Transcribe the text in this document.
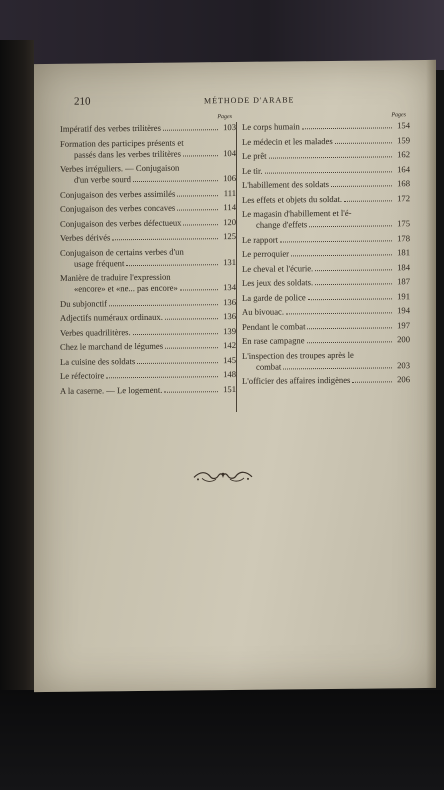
210	MÉTHODE D'ARABE
Pages
Impératif des verbes trilitères	103
Formation des participes présents et
passés dans les verbes trilitères	104
Verbes irréguliers. — Conjugaison
d'un verbe sourd	106
Conjugaison des verbes assimilés	111
Conjugaison des verbes concaves	114
Conjugaison des verbes défectueux	120
Verbes dérivés	125
Conjugaison de certains verbes d'un
usage fréquent	131
Manière de traduire l'expression
«encore» et «ne... pas encore»	134
Du subjonctif	136
Adjectifs numéraux ordinaux.	136
Verbes quadrilitères.	139
Chez le marchand de légumes	142
La cuisine des soldats	145
Le réfectoire	148
A la caserne. — Le logement.	151
Pages
Le corps humain	154
Le médecin et les malades	159
Le prêt	162
Le tir.	164
L'habillement des soldats	168
Les effets et objets du soldat.	172
Le magasin d'habillement et l'é-
change d'effets	175
Le rapport	178
Le perroquier	181
Le cheval et l'écurie.	184
Les jeux des soldats.	187
La garde de police	191
Au bivouac.	194
Pendant le combat	197
En rase campagne	200
L'inspection des troupes après le
combat	203
L'officier des affaires indigènes	206
